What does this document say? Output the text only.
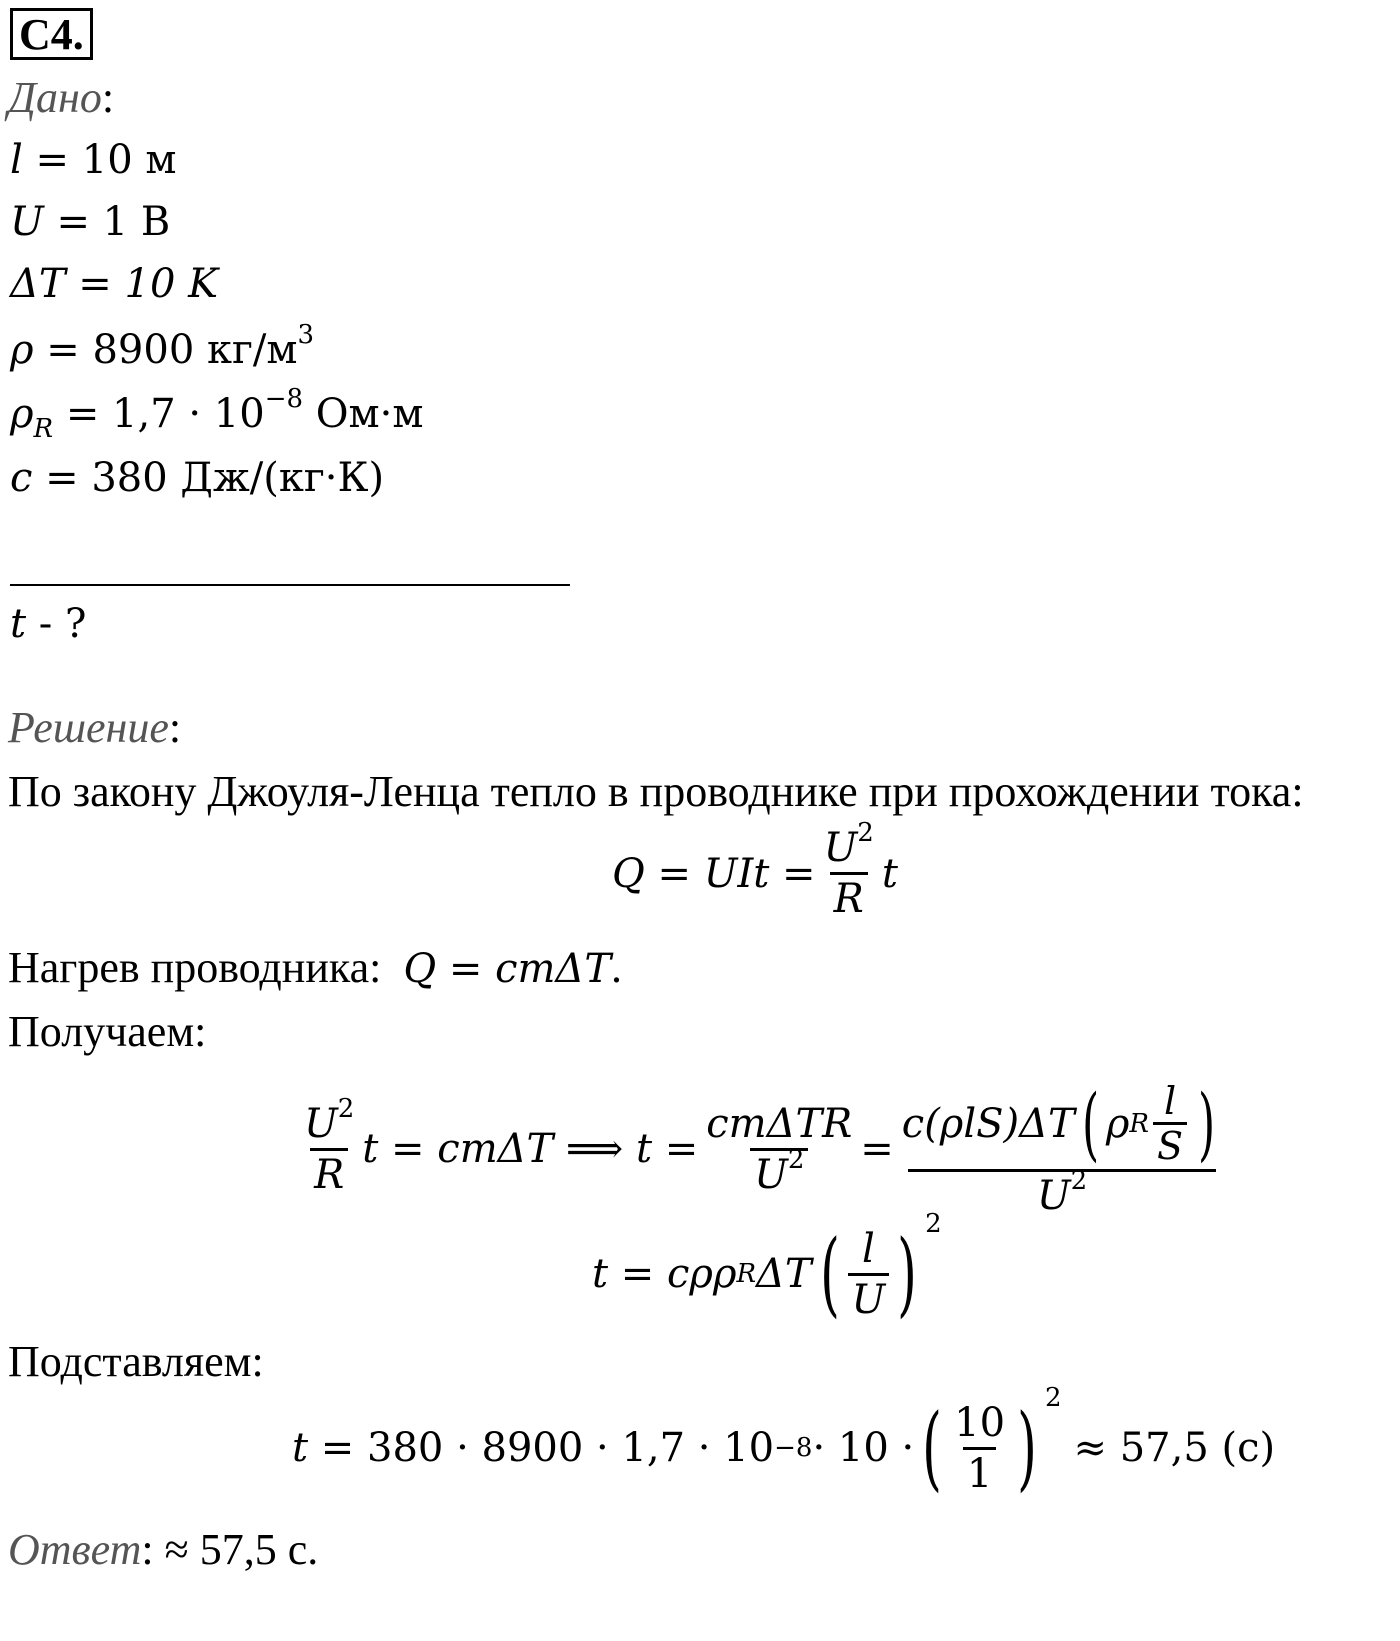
C4.
Дано:
l = 10 м
U = 1 В
ΔT = 10 K
ρ = 8900 $кг/м^3$
$\rho_R = 1,7 \cdot 10^{-8}$ Ом·м
c = 380 Дж/(кг·К)
t - ?
Решение:
По закону Джоуля-Ленца тепло в проводнике при прохождении тока:
Q = UIt = $\frac{U^2}{R}$ t
Нагрев проводника: Q = cmΔT.
Получаем:
$\frac{U^2}{R}$ t = cmΔT ⟹ $t = \frac{\text{cmΔTR}}{U^2}$ =
c(ρlS)ΔT ( ρ R $\frac{l}{S}$ )
$U^2$
t = cρρ R ΔT ( $\frac{l}{U}$ ) 2
Подставляем:
t = 380 · 8900 · 1,7 · 10 −8 · 10 · ( $\frac{10}{1}$ ) 2
≈ 57,5 (c)
Ответ: ≈ 57,5 с.
